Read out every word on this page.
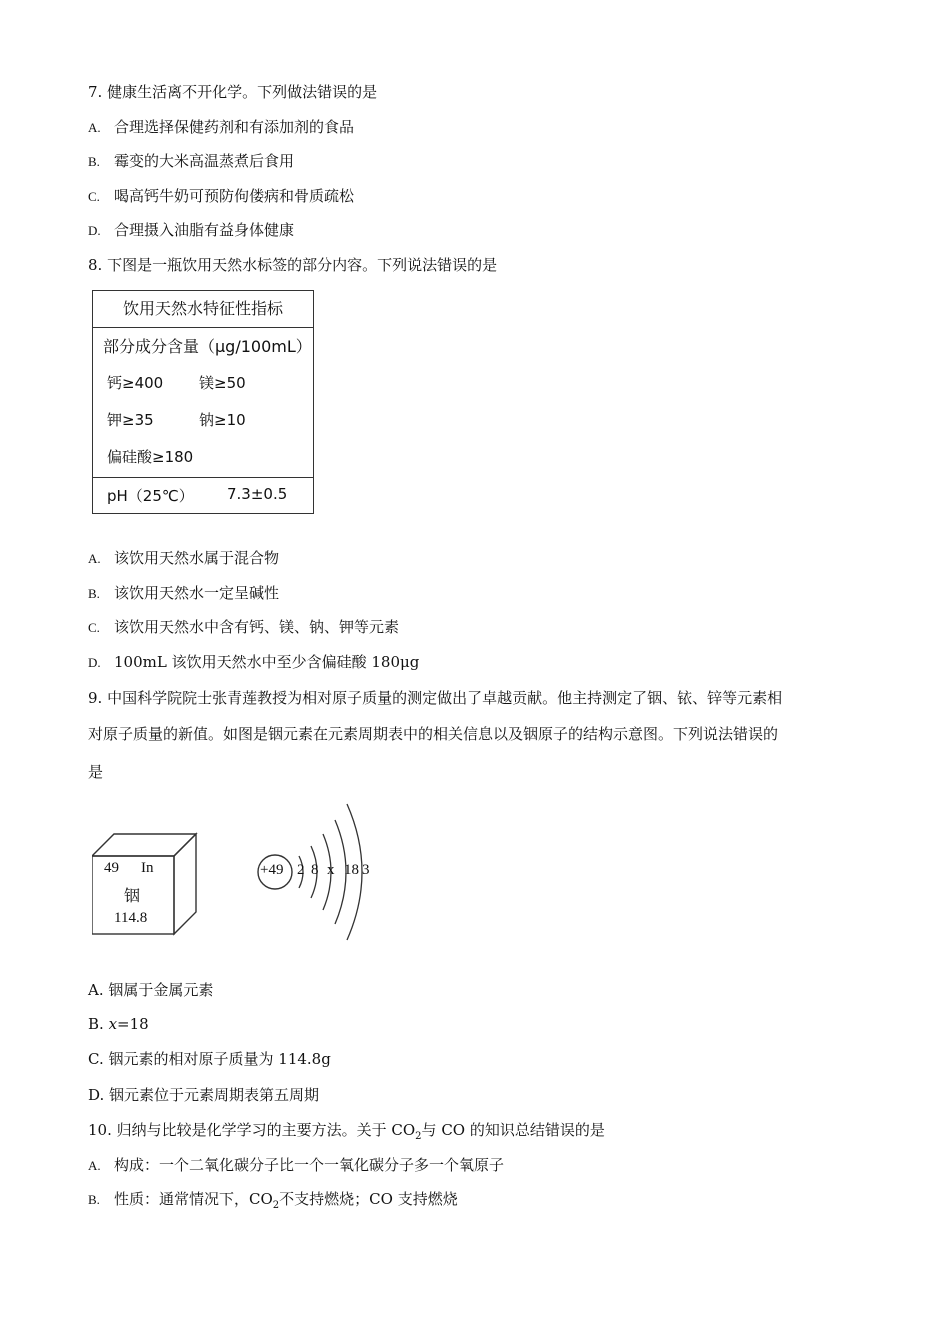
7. 健康生活离不开化学。下列做法错误的是
A. 合理选择保健药剂和有添加剂的食品
B. 霉变的大米高温蒸煮后食用
C. 喝高钙牛奶可预防佝偻病和骨质疏松
D. 合理摄入油脂有益身体健康
8. 下图是一瓶饮用天然水标签的部分内容。下列说法错误的是
饮用天然水特征性指标
部分成分含量（μg/100mL）
钙≥400 镁≥50
钾≥35	钠≥10
偏硅酸≥180
pH（25℃） 7.3±0.5
A. 该饮用天然水属于混合物
B. 该饮用天然水一定呈碱性
C. 该饮用天然水中含有钙、镁、钠、钾等元素
D. 100mL 该饮用天然水中至少含偏硅酸 180μg
9. 中国科学院院士张青莲教授为相对原子质量的测定做出了卓越贡献。他主持测定了铟、铱、锌等元素相
对原子质量的新值。如图是铟元素在元素周期表中的相关信息以及铟原子的结构示意图。下列说法错误的
是
49 In
铟
114.8
+49 2 8 x 18 3
A. 铟属于金属元素
B. x=18
C. 铟元素的相对原子质量为 114.8g
D. 铟元素位于元素周期表第五周期
10. 归纳与比较是化学学习的主要方法。关于 $CO_2$与 CO 的知识总结错误的是
A. 构成：一个二氧化碳分子比一个一氧化碳分子多一个氧原子
B. 性质：通常情况下，$CO_2$不支持燃烧；CO 支持燃烧
